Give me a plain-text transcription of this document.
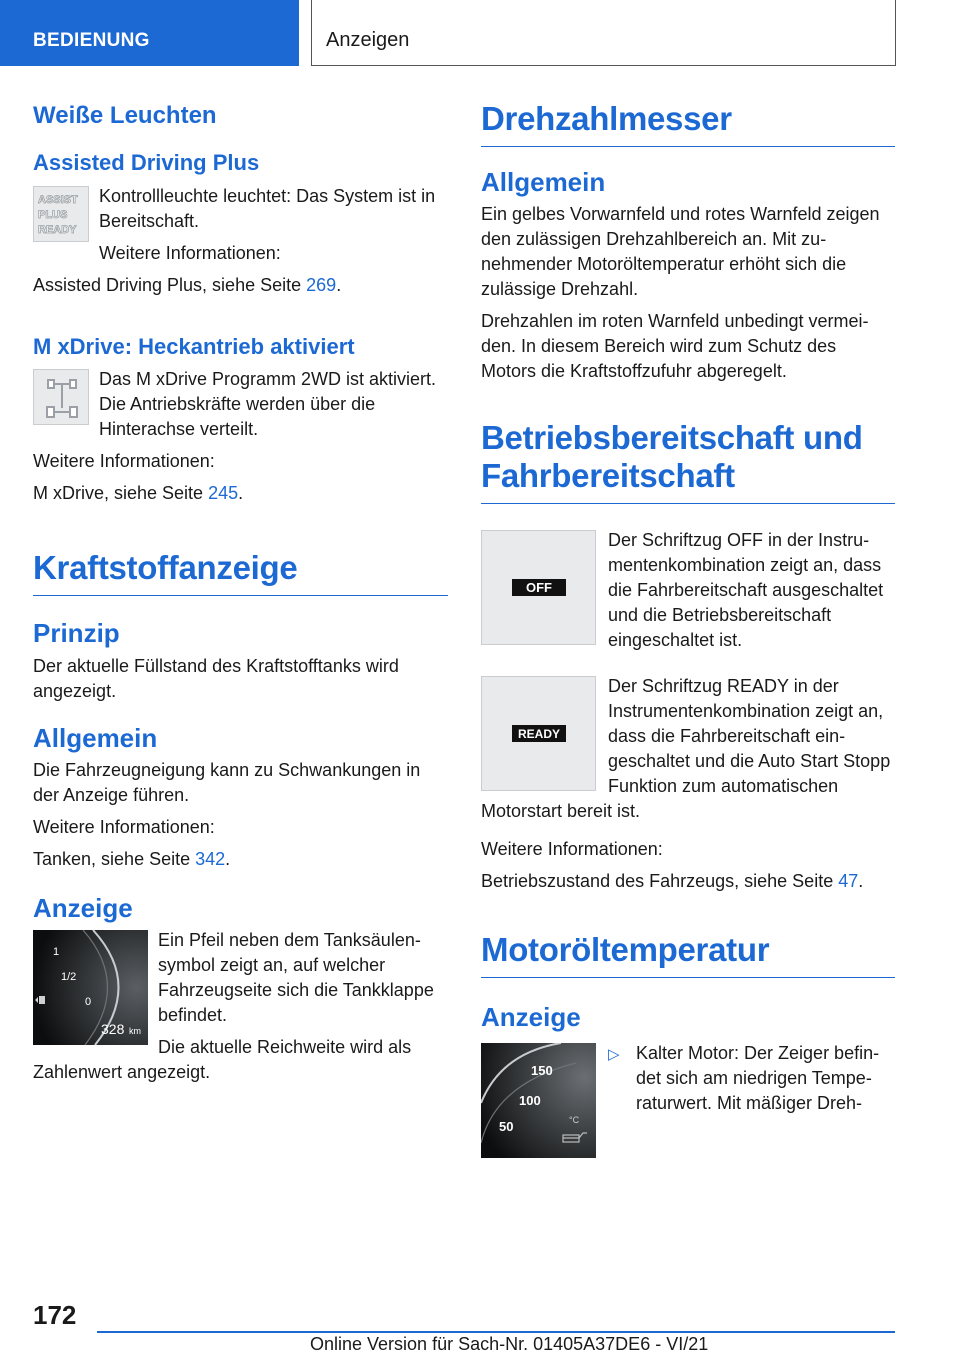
BEDIENUNG	Anzeigen
Weiße Leuchten
Assisted Driving Plus
ASSIST
PLUS
READY

Kontrollleuchte leuchtet: Das System ist in Bereitschaft.

Weitere Informationen:

Assisted Driving Plus, siehe Seite 269.

M xDrive: Heckantrieb aktiviert

Das M xDrive Programm 2WD ist aktiviert. Die Antriebskräfte werden über die Hinterachse verteilt.

Weitere Informationen:

M xDrive, siehe Seite 245.

Kraftstoffanzeige
Prinzip

Der aktuelle Füllstand des Kraftstofftanks wird angezeigt.

Allgemein

Die Fahrzeugneigung kann zu Schwankungen in der Anzeige führen.

Weitere Informationen:

Tanken, siehe Seite 342.

Anzeige
1
1/2
0
328 km

Ein Pfeil neben dem Tanksäulensymbol zeigt an, auf welcher Fahrzeugseite sich die Tankklappe befindet.

Die aktuelle Reichweite wird als Zahlenwert angezeigt.

Drehzahlmesser
Allgemein

Ein gelbes Vorwarnfeld und rotes Warnfeld zeigen den zulässigen Drehzahlbereich an. Mit zunehmender Motoröltemperatur erhöht sich die zulässige Drehzahl.

Drehzahlen im roten Warnfeld unbedingt vermeiden. In diesem Bereich wird zum Schutz des Motors die Kraftstoffzufuhr abgeregelt.

Betriebsbereitschaft und Fahrbereitschaft
OFF

Der Schriftzug OFF in der Instrumentenkombination zeigt an, dass die Fahrbereitschaft ausgeschaltet und die Betriebsbereitschaft eingeschaltet ist.

READY

Der Schriftzug READY in der Instrumentenkombination zeigt an, dass die Fahrbereitschaft eingeschaltet und die Auto Start Stopp Funktion zum automatischen Motorstart bereit ist.

Weitere Informationen:

Betriebszustand des Fahrzeugs, siehe Seite 47.

Motoröltemperatur
Anzeige
150
100
50	°C
▷ Kalter Motor: Der Zeiger befindet sich am niedrigen Temperaturwert. Mit mäßiger Dreh-
172
Online Version für Sach-Nr. 01405A37DE6 - VI/21
